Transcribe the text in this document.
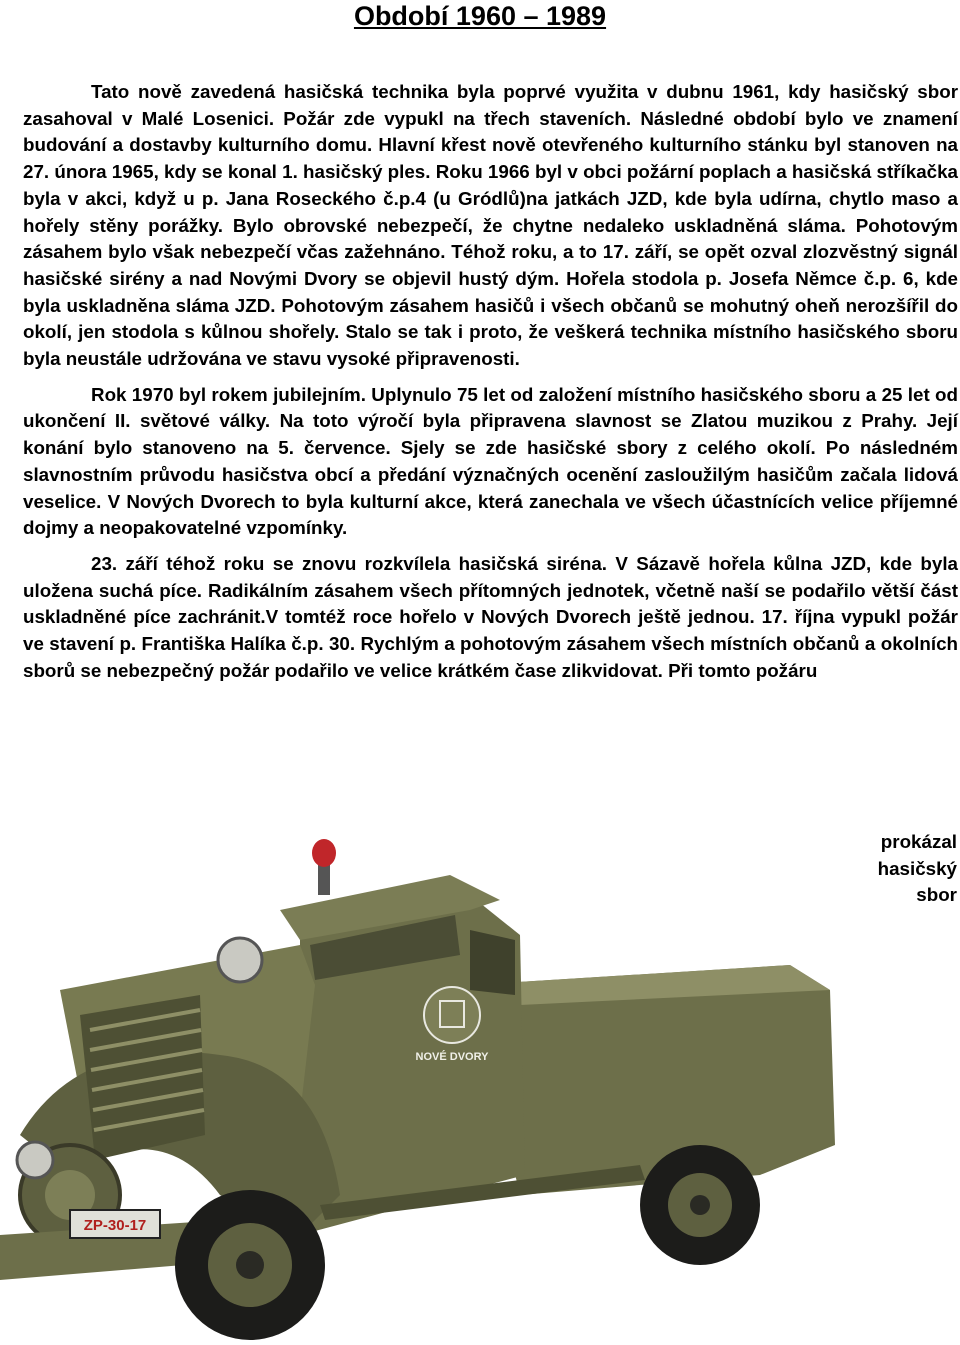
Období 1960 – 1989

Tato nově zavedená hasičská technika byla poprvé využita v dubnu 1961, kdy hasičský sbor zasahoval v Malé Losenici. Požár zde vypukl na třech staveních. Následné období bylo ve znamení budování a dostavby kulturního domu. Hlavní křest nově otevřeného kulturního stánku byl stanoven na 27. února 1965, kdy se konal 1. hasičský ples. Roku 1966 byl v obci požární poplach a hasičská stříkačka byla v akci, když u p. Jana Roseckého č.p.4 (u Gródlů)na jatkách JZD, kde byla udírna, chytlo maso a hořely stěny porážky. Bylo obrovské nebezpečí, že chytne nedaleko uskladněná sláma. Pohotovým zásahem bylo však nebezpečí včas zažehnáno. Téhož roku, a to 17. září, se opět ozval zlozvěstný signál hasičské sirény a nad Novými Dvory se objevil hustý dým. Hořela stodola p. Josefa Němce č.p. 6, kde byla uskladněna sláma JZD. Pohotovým zásahem hasičů i všech občanů se mohutný oheň nerozšířil do okolí, jen stodola s kůlnou shořely. Stalo se tak i proto, že veškerá technika místního hasičského sboru byla neustále udržována ve stavu vysoké připravenosti.

Rok 1970 byl rokem jubilejním. Uplynulo 75 let od založení místního hasičského sboru a 25 let od ukončení II. světové války. Na toto výročí byla připravena slavnost se Zlatou muzikou z Prahy. Její konání bylo stanoveno na 5. července. Sjely se zde hasičské sbory z celého okolí. Po následném slavnostním průvodu hasičstva obcí a předání význačných ocenění zasloužilým hasičům začala lidová veselice. V Nových Dvorech to byla kulturní akce, která zanechala ve všech účastnících velice příjemné dojmy a neopakovatelné vzpomínky.

23. září téhož roku se znovu rozkvílela hasičská siréna. V Sázavě hořela kůlna JZD, kde byla uložena suchá píce. Radikálním zásahem všech přítomných jednotek, včetně naší se podařilo větší část uskladněné píce zachránit.V tomtéž roce hořelo v Nových Dvorech ještě jednou. 17. října vypukl požár ve stavení p. Františka Halíka č.p. 30. Rychlým a pohotovým zásahem všech místních občanů a okolních sborů se nebezpečný požár podařilo ve velice krátkém čase zlikvidovat. Při tomto požáru

prokázal
hasičský
sbor
NOVÉ DVORY
ZP-30-17
